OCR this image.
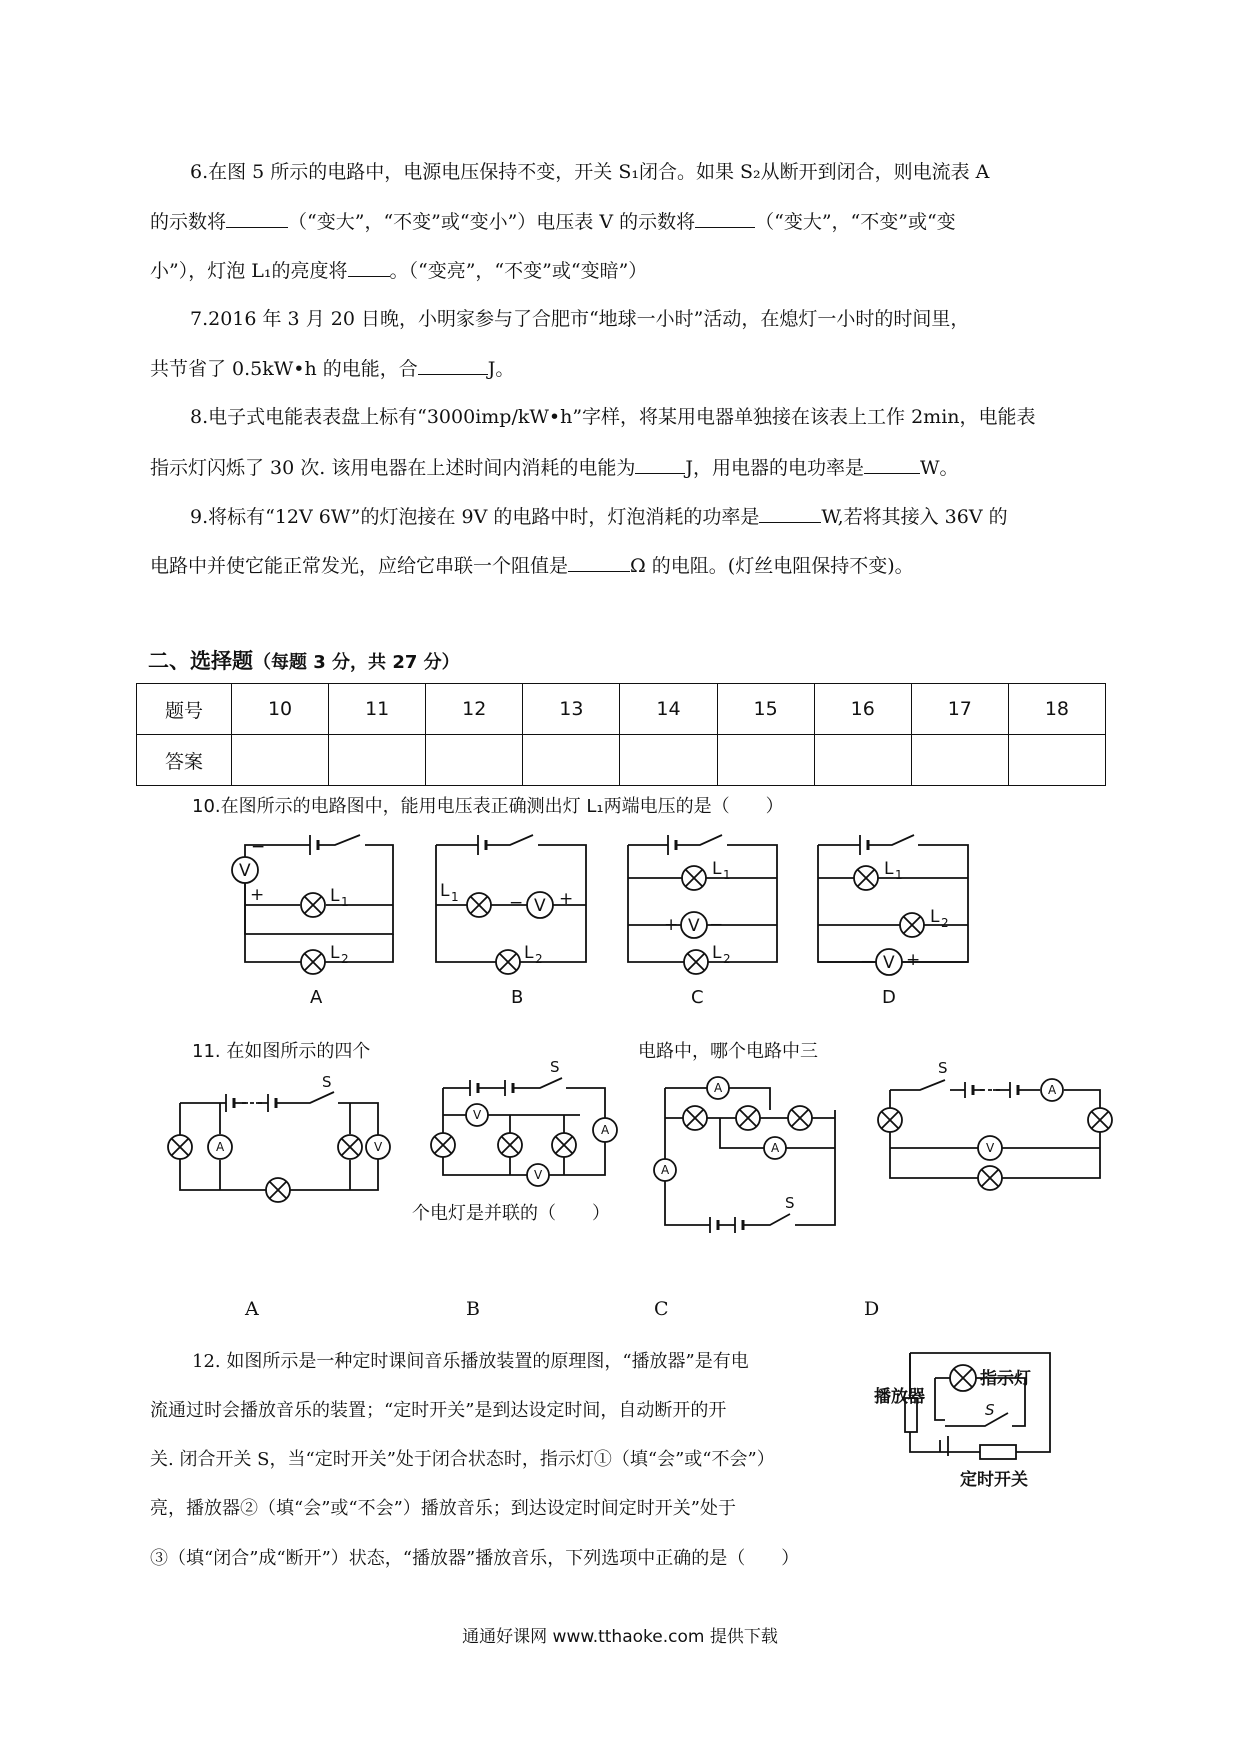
6.在图 5 所示的电路中，电源电压保持不变，开关 S₁闭合。如果 S₂从断开到闭合，则电流表 A
的示数将	（“变大”，“不变”或“变小”）电压表 V 的示数将	（“变大”，“不变”或“变
小”），灯泡 L₁的亮度将 。（“变亮”，“不变”或“变暗”）
7.2016 年 3 月 20 日晚，小明家参与了合肥市“地球一小时”活动，在熄灯一小时的时间里，
共节省了 0.5kW•h 的电能，合	J。
8.电子式电能表表盘上标有“3000imp/kW•h”字样，将某用电器单独接在该表上工作 2min，电能表
指示灯闪烁了 30 次. 该用电器在上述时间内消耗的电能为	J，用电器的电功率是	W。
9.将标有“12V 6W”的灯泡接在 9V 的电路中时，灯泡消耗的功率是	W,若将其接入 36V 的
电路中并使它能正常发光，应给它串联一个阻值是	Ω 的电阻。(灯丝电阻保持不变)。
二、选择题（每题 3 分，共 27 分）
题号	10	11	12	13	14	15	16	17	18
答案									
10.在图所示的电路图中，能用电压表正确测出灯 L₁两端电压的是（　　）
V
−
+	L 1
L 2
L 1	V
− +
L 2
L 1
V
+ −
L 2
L 1
L 2
V
− +
A	B	C	D
A	V
V
V
A
A
A
A
A
V
S
S
S
S
指示灯
S
定时开关
播放器
11. 在如图所示的四个	电路中，哪个电路中三
个电灯是并联的（　　）
A	B	C	D
12. 如图所示是一种定时课间音乐播放装置的原理图，“播放器”是有电
流通过时会播放音乐的装置；“定时开关”是到达设定时间，自动断开的开
关. 闭合开关 S，当“定时开关”处于闭合状态时，指示灯①（填“会”或“不会”）
亮，播放器②（填“会”或“不会”）播放音乐；到达设定时间定时开关”处于
③（填“闭合”成“断开”）状态，“播放器”播放音乐，下列选项中正确的是（　　）
通通好课网 www.tthaoke.com 提供下载
